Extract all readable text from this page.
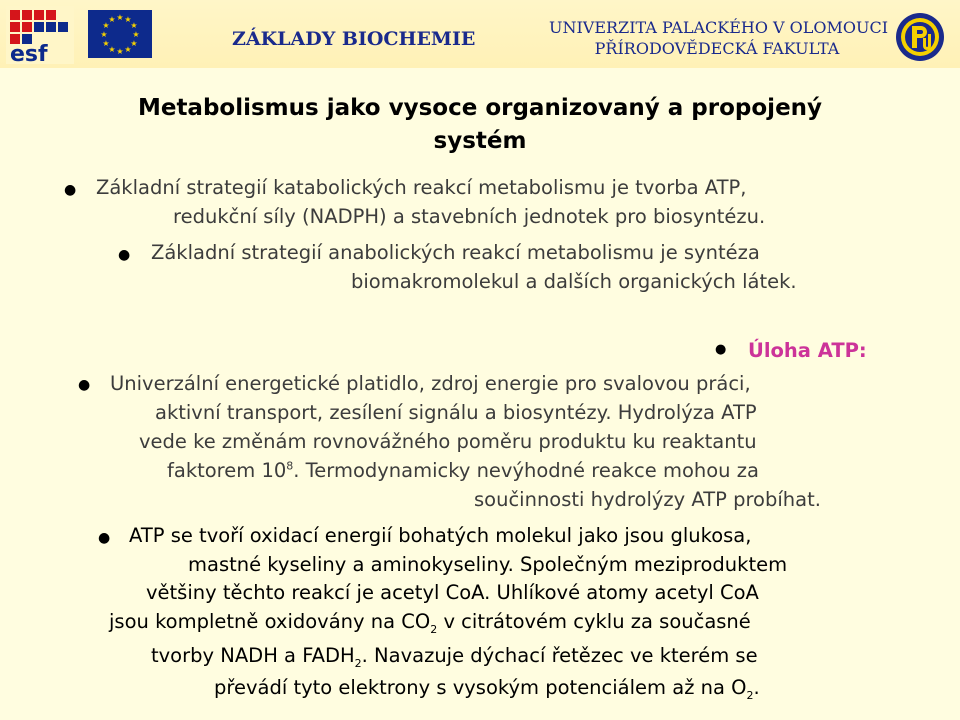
esf
★ ★
★
★
★
★
★
★
★
★
★
★
ZÁKLADY BIOCHEMIE
UNIVERZITA PALACKÉHO V OLOMOUCI
PŘÍRODOVĚDECKÁ FAKULTA
Metabolismus jako vysoce organizovaný a propojený
systém
● Základní strategií katabolických reakcí metabolismu je tvorba ATP,
redukční síly (NADPH) a stavebních jednotek pro biosyntézu.
● Základní strategií anabolických reakcí metabolismu je syntéza
biomakromolekul a dalších organických látek.
● Úloha ATP:
● Univerzální energetické platidlo, zdroj energie pro svalovou práci,
aktivní transport, zesílení signálu a biosyntézy. Hydrolýza ATP
vede ke změnám rovnovážného poměru produktu ku reaktantu
faktorem $10^8$. Termodynamicky nevýhodné reakce mohou za
součinnosti hydrolýzy ATP probíhat.
● ATP se tvoří oxidací energií bohatých molekul jako jsou glukosa,
mastné kyseliny a aminokyseliny. Společným meziproduktem
většiny těchto reakcí je acetyl CoA. Uhlíkové atomy acetyl CoA
jsou kompletně oxidovány na $CO_2$ v citrátovém cyklu za současné
tvorby NADH a $FADH_2$. Navazuje dýchací řetězec ve kterém se
převádí tyto elektrony s vysokým potenciálem až na $O_2$.
